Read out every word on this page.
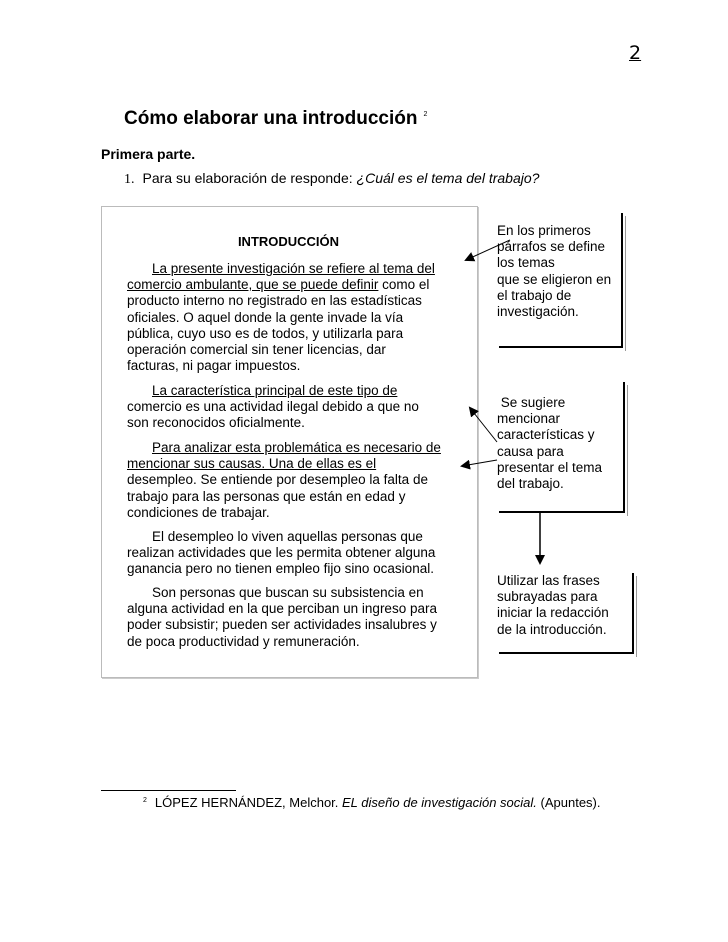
2
Cómo elaborar una introducción $^2$
Primera parte.
1. Para su elaboración de responde: ¿Cuál es el tema del trabajo?
INTRODUCCIÓN
La presente investigación se refiere al tema del
comercio ambulante, que se puede definir como el
producto interno no registrado en las estadísticas
oficiales. O aquel donde la gente invade la vía
pública, cuyo uso es de todos, y utilizarla para
operación comercial sin tener licencias, dar
facturas, ni pagar impuestos.
La característica principal de este tipo de
comercio es una actividad ilegal debido a que no
son reconocidos oficialmente.
Para analizar esta problemática es necesario de
mencionar sus causas. Una de ellas es el
desempleo. Se entiende por desempleo la falta de
trabajo para las personas que están en edad y
condiciones de trabajar.
El desempleo lo viven aquellas personas que
realizan actividades que les permita obtener alguna
ganancia pero no tienen empleo fijo sino ocasional.
Son personas que buscan su subsistencia en
alguna actividad en la que perciban un ingreso para
poder subsistir; pueden ser actividades insalubres y
de poca productividad y remuneración.
En los primeros
párrafos se define
los temas
que se eligieron en
el trabajo de
investigación.
Se sugiere
mencionar
características y
causa para
presentar el tema
del trabajo.
Utilizar las frases
subrayadas para
iniciar la redacción
de la introducción.
$^2$ LÓPEZ HERNÁNDEZ, Melchor. EL diseño de investigación social. (Apuntes).
